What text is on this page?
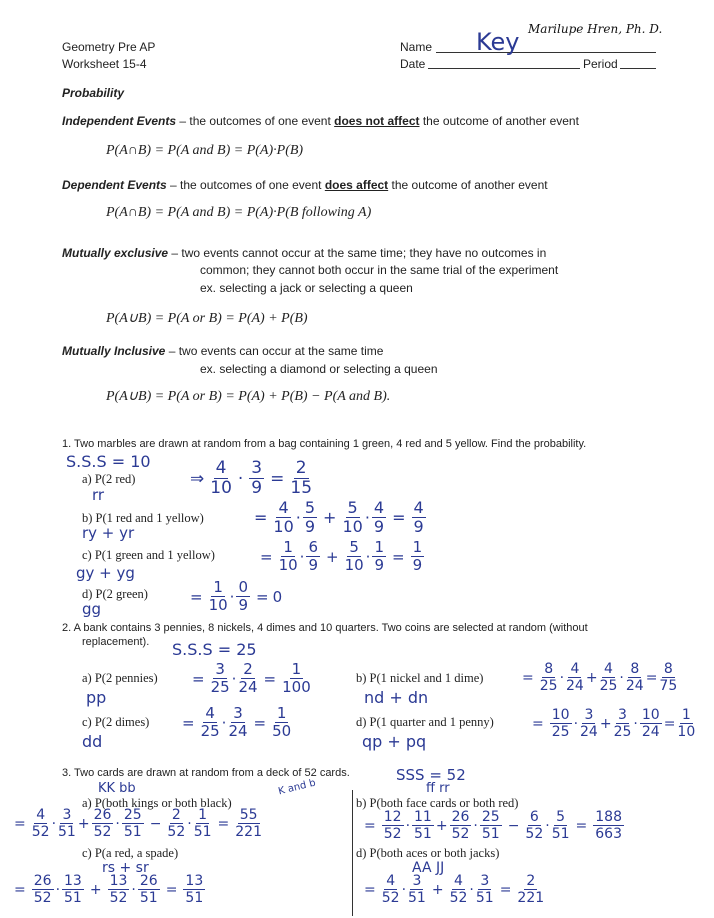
Geometry Pre AP
Worksheet 15-4
Marilupe Hren, Ph. D.
Name Key
Date	Period
Probability
Independent Events – the outcomes of one event does not affect the outcome of another event
P(A∩B) = P(A and B) = P(A)·P(B)
Dependent Events – the outcomes of one event does affect the outcome of another event
P(A∩B) = P(A and B) = P(A)·P(B following A)
Mutually exclusive – two events cannot occur at the same time; they have no outcomes in
common; they cannot both occur in the same trial of the experiment
ex. selecting a jack or selecting a queen
P(A∪B) = P(A or B) = P(A) + P(B)
Mutually Inclusive – two events can occur at the same time
ex. selecting a diamond or selecting a queen
P(A∪B) = P(A or B) = P(A) + P(B) − P(A and B).
1. Two marbles are drawn at random from a bag containing 1 green, 4 red and 5 yellow. Find the probability.
S.S.S = 10
a) P(2 red)
rr
⇒
4
$10 \cdot \frac{3}{9} = \frac{2}{15}$
b) P(1 red and 1 yellow)
ry + yr
= $\frac{4}{10}$ ·
5
$9 + \frac{5}{10} \cdot \frac{4}{9} = \frac{4}{9}$
c) P(1 green and 1 yellow)
gy + yg
= $\frac{1}{10}$ ·
6
$9 + \frac{5}{10} \cdot \frac{1}{9} = \frac{1}{9}$
d) P(2 green)
gg
= $\frac{1}{10} \cdot \frac{0}{9} = 0$
2. A bank contains 3 pennies, 8 nickels, 4 dimes and 10 quarters. Two coins are selected at random (without
replacement). S.S.S = 25
a) P(2 pennies)
pp
= $\frac{3}{25} \cdot \frac{2}{24} = \frac{1}{100}$	b) P(1 nickel and 1 dime)
nd + dn
= $\frac{8}{25}$ ·
4
24
+ $\frac{4}{25} \cdot \frac{8}{24} = \frac{8}{75}$
c) P(2 dimes)
dd
= $\frac{4}{25} \cdot \frac{3}{24} = \frac{1}{50}$	d) P(1 quarter and 1 penny)
qp + pq
= $\frac{10}{25}$ ·
3
24
+ $\frac{3}{25} \cdot \frac{10}{24} = \frac{1}{10}$
3. Two cards are drawn at random from a deck of 52 cards.	SSS = 52
KK bb	K and b
a) P(both kings or both black)
= $\frac{4}{52}$ ·
3
51
+ $\frac{26}{52}$ ·
25
51
− $\frac{2}{52} \cdot \frac{1}{51} = \frac{55}{221}$
ff rr
b) P(both face cards or both red)
= $\frac{12}{52}$ ·
11
51
+ $\frac{26}{52}$ ·
25
51
− $\frac{6}{52} \cdot \frac{5}{51} = \frac{188}{663}$
c) P(a red, a spade)
rs + sr
= $\frac{26}{52}$ ·
13
51
+ $\frac{13}{52} \cdot \frac{26}{51} = \frac{13}{51}$
d) P(both aces or both jacks)
AA JJ
= $\frac{4}{52}$ ·
3
51
+ $\frac{4}{52} \cdot \frac{3}{51} = \frac{2}{221}$
